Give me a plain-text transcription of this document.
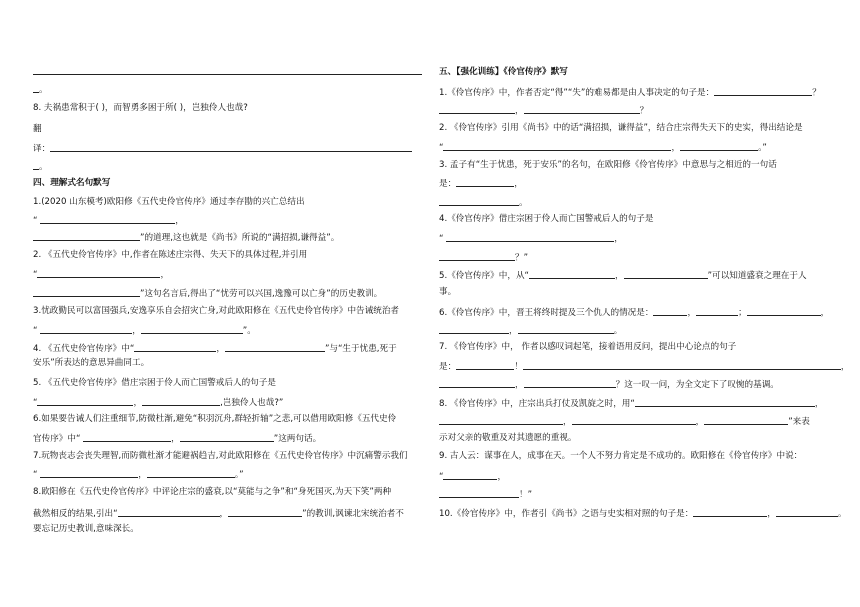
。
8. 夫祸患常积于( )，而智勇多困于所( )，岂独伶人也哉?
翻
译：
。
四、理解式名句默写
1.(2020 山东模考)欧阳修《五代史伶官传序》通过李存勖的兴亡总结出
“	，
”的道理,这也就是《尚书》所说的“满招损,谦得益”。
2. 《五代史伶官传序》中,作者在陈述庄宗得、失天下的具体过程,并引用
“	，
”这句名言后,得出了“忧劳可以兴国,逸豫可以亡身”的历史教训。
3.忧政勤民可以富国强兵,安逸享乐自会招灾亡身,对此欧阳修在《五代史伶官传序》中告诫统治者
“	，	”。
4. 《五代史伶官传序》中“	，	”与“生于忧患,死于
安乐”所表达的意思异曲同工。
5. 《五代史伶官传序》借庄宗困于伶人而亡国警戒后人的句子是
“	，	,岂独伶人也哉?”
6.如果要告诫人们注重细节,防微杜渐,避免“积羽沉舟,群轻折轴”之悲,可以借用欧阳修《五代史伶
官传序》中“	，	”这两句话。
7.玩物丧志会丧失理智,而防微杜渐才能避祸趋吉,对此欧阳修在《五代史伶官传序》中沉痛警示我们
“	，	。”
8.欧阳修在《五代史伶官传序》中评论庄宗的盛衰,以“莫能与之争”和“身死国灭,为天下笑”两种
截然相反的结果,引出“	，	”的教训,讽谏北宋统治者不
要忘记历史教训,意味深长。
五、【强化训练】《伶官传序》默写
1.《伶官传序》中，作者否定“得”“失”的难易都是由人事决定的句子是：	？
，	？
2. 《伶官传序》引用《尚书》中的话“满招损，谦得益”，结合庄宗得失天下的史实，得出结论是
“	，	。”
3. 孟子有“生于忧患，死于安乐”的名句，在欧阳修《伶官传序》中意思与之相近的一句话
是：	，
。
4.《伶官传序》借庄宗困于伶人而亡国警戒后人的句子是
“	，
？”
5.《伶官传序》中，从“	，	”可以知道盛衰之理在于人
事。
6.《伶官传序》中，晋王将终时提及三个仇人的情况是：	，	；	，
，	。
7. 《伶官传序》中， 作者以感叹词起笔，接着语用反问，提出中心论点的句子
是：	！	，
，	？这一叹一问，为全文定下了叹惋的基调。
8. 《伶官传序》中，庄宗出兵打仗及凯旋之时，用“	，
，	，	”来表
示对父亲的敬重及对其遗愿的重视。
9. 古人云：谋事在人，成事在天。一个人不努力肯定是不成功的。欧阳修在《伶官传序》中说：
“	，
！”
10.《伶官传序》中，作者引《尚书》之语与史实相对照的句子是：	，	。
